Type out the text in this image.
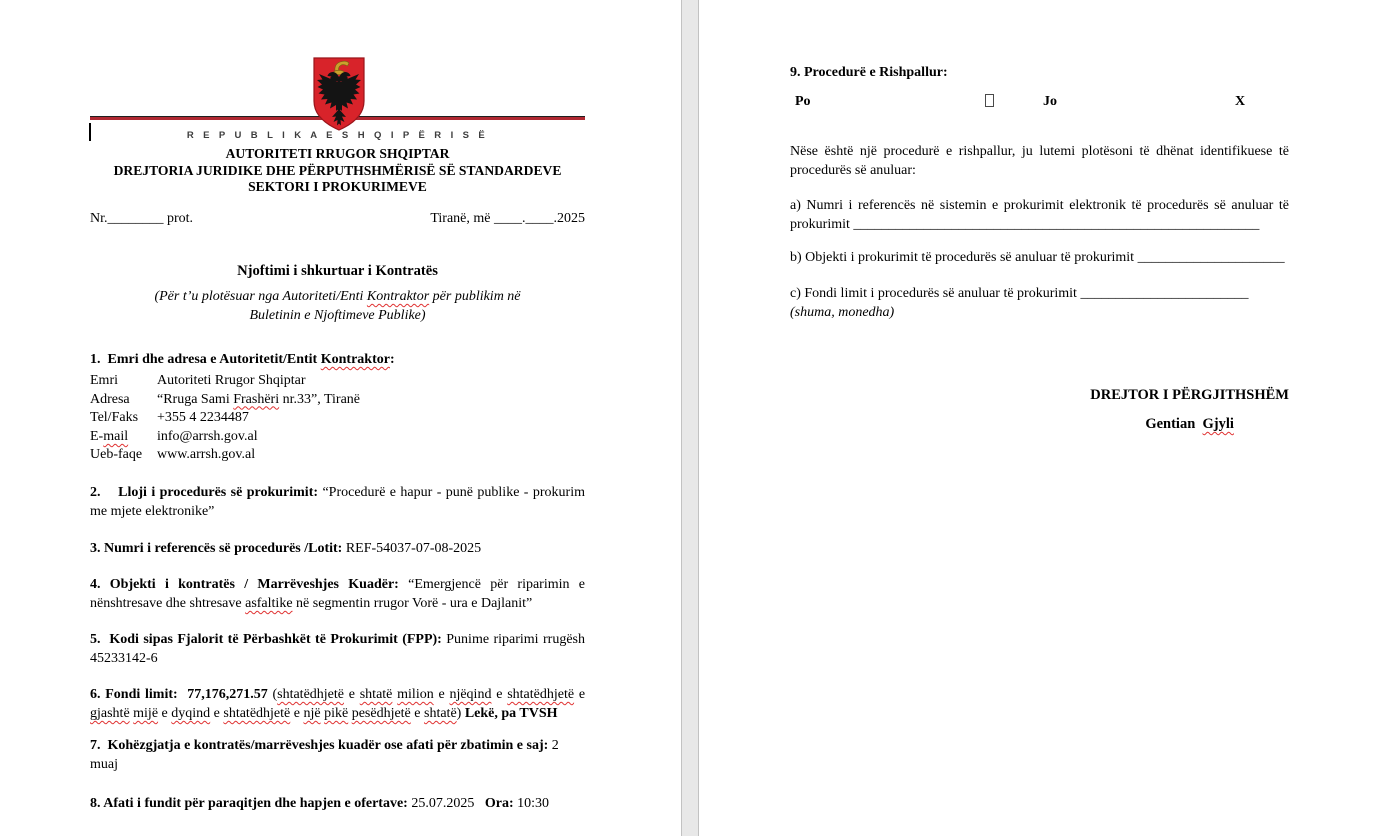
R E P U B L I K A E S H Q I P Ë R I S Ë
AUTORITETI RRUGOR SHQIPTAR
DREJTORIA JURIDIKE DHE PËRPUTHSHMËRISË SË STANDARDEVE
SEKTORI I PROKURIMEVE
Nr.________ prot.	Tiranë, më ____.____.2025

Njoftimi i shkurtuar i Kontratës

(Për t’u plotësuar nga Autoriteti/Enti Kontraktor për publikim në

Buletinin e Njoftimeve Publike)

1.  Emri dhe adresa e Autoritetit/Entit Kontraktor:

Emri	Autoriteti Rrugor Shqiptar
Adresa	“Rruga Sami Frashëri nr.33”, Tiranë
Tel/Faks	+355 4 2234487
E-mail	info@arrsh.gov.al
Ueb-faqe	www.arrsh.gov.al

2.    Lloji i procedurës së prokurimit: “Procedurë e hapur - punë publike - prokurim me mjete elektronike”

3. Numri i referencës së procedurës /Lotit: REF-54037-07-08-2025

4. Objekti i kontratës / Marrëveshjes Kuadër: “Emergjencë për riparimin e nënshtresave dhe shtresave asfaltike në segmentin rrugor Vorë - ura e Dajlanit”

5.  Kodi sipas Fjalorit të Përbashkët të Prokurimit (FPP): Punime riparimi rrugësh 45233142-6

6. Fondi limit:  77,176,271.57 (shtatëdhjetë e shtatë milion e njëqind e shtatëdhjetë e gjashtë mijë e dyqind e shtatëdhjetë e një pikë pesëdhjetë e shtatë) Lekë, pa TVSH

7.  Kohëzgjatja e kontratës/marrëveshjes kuadër ose afati për zbatimin e saj: 2 muaj

8. Afati i fundit për paraqitjen dhe hapjen e ofertave: 25.07.2025   Ora: 10:30

9. Procedurë e Rishpallur:

Po	Jo	X

Nëse është një procedurë e rishpallur, ju lutemi plotësoni të dhënat identifikuese të procedurës së anuluar:

a) Numri i referencës në sistemin e prokurimit elektronik të procedurës së anuluar të prokurimit __________________________________________________________

b) Objekti i prokurimit të procedurës së anuluar të prokurimit _____________________

c) Fondi limit i procedurës së anuluar të prokurimit ________________________ (shuma, monedha)

DREJTOR I PËRGJITHSHËM

Gentian  Gjyli
